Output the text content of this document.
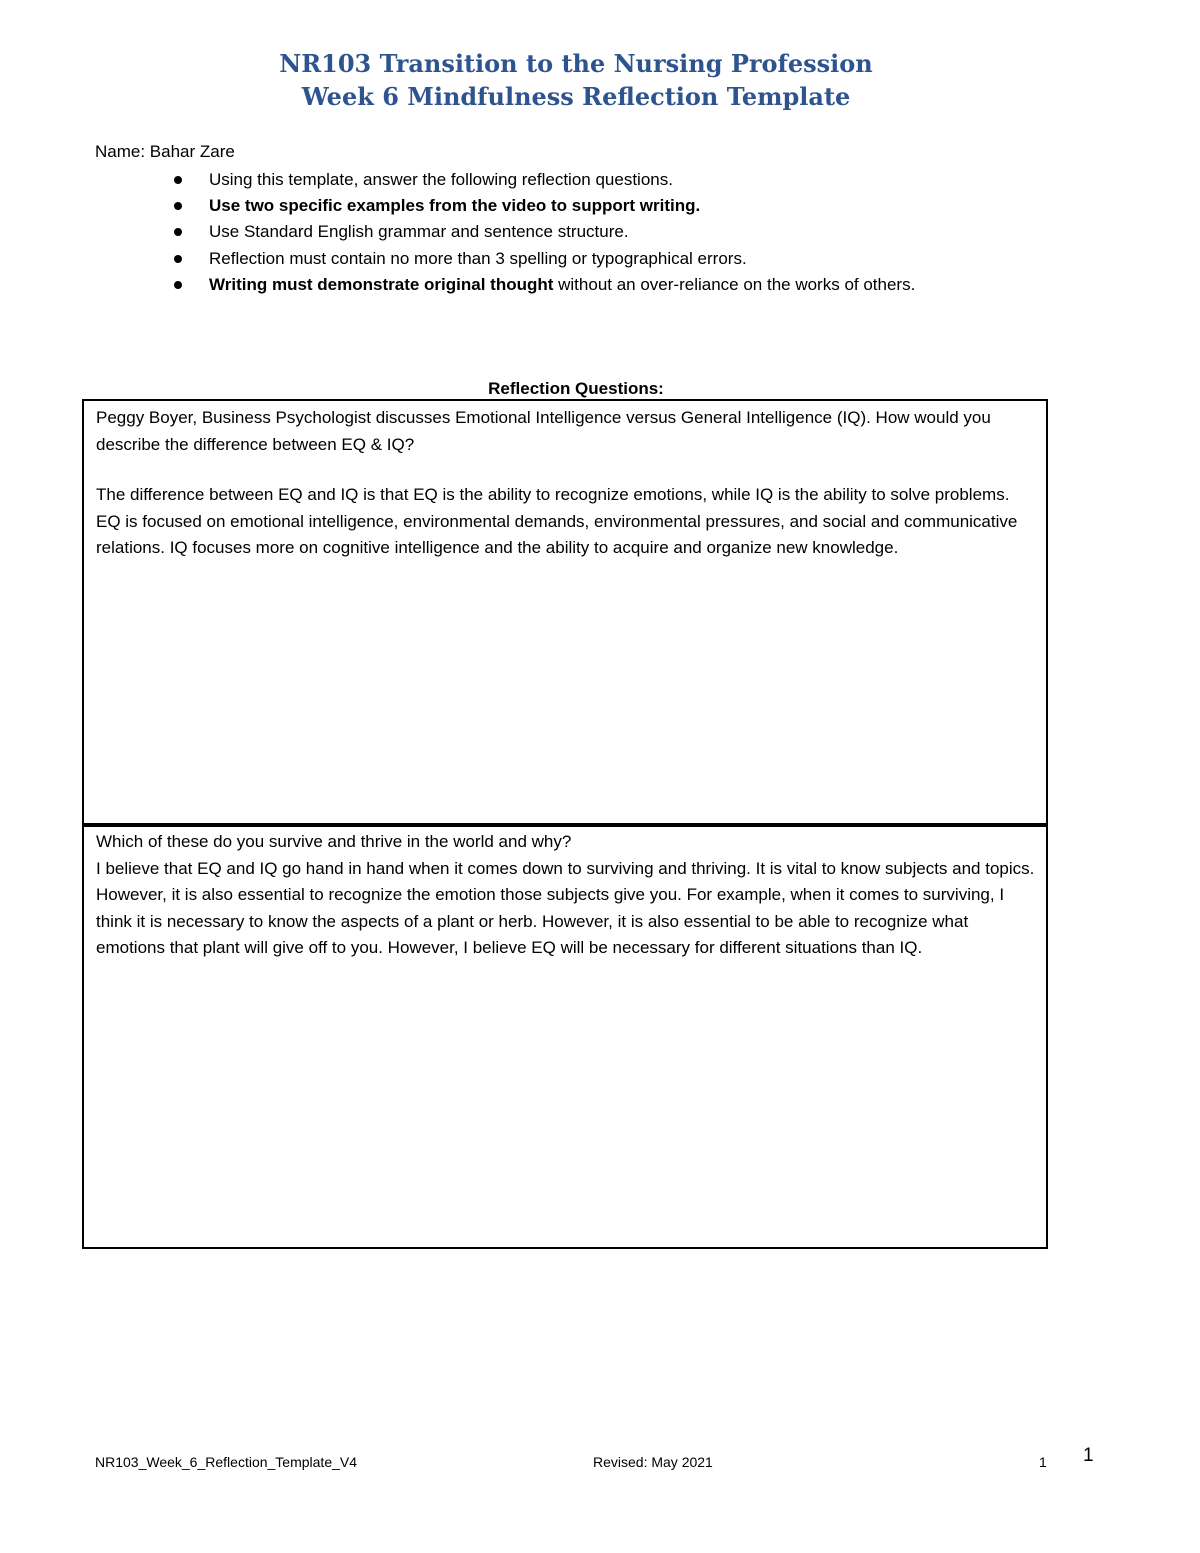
NR103 Transition to the Nursing Profession
Week 6 Mindfulness Reflection Template
Name: Bahar Zare
Using this template, answer the following reflection questions.
Use two specific examples from the video to support writing.
Use Standard English grammar and sentence structure.
Reflection must contain no more than 3 spelling or typographical errors.
Writing must demonstrate original thought without an over-reliance on the works of others.
Reflection Questions:

Peggy Boyer, Business Psychologist discusses Emotional Intelligence versus General Intelligence (IQ). How would you describe the difference between EQ & IQ?

The difference between EQ and IQ is that EQ is the ability to recognize emotions, while IQ is the ability to solve problems. EQ is focused on emotional intelligence, environmental demands, environmental pressures, and social and communicative relations. IQ focuses more on cognitive intelligence and the ability to acquire and organize new knowledge.

Which of these do you survive and thrive in the world and why?

I believe that EQ and IQ go hand in hand when it comes down to surviving and thriving. It is vital to know subjects and topics. However, it is also essential to recognize the emotion those subjects give you. For example, when it comes to surviving, I think it is necessary to know the aspects of a plant or herb. However, it is also essential to be able to recognize what emotions that plant will give off to you. However, I believe EQ will be necessary for different situations than IQ.

NR103_Week_6_Reflection_Template_V4	Revised: May 2021	1 1
